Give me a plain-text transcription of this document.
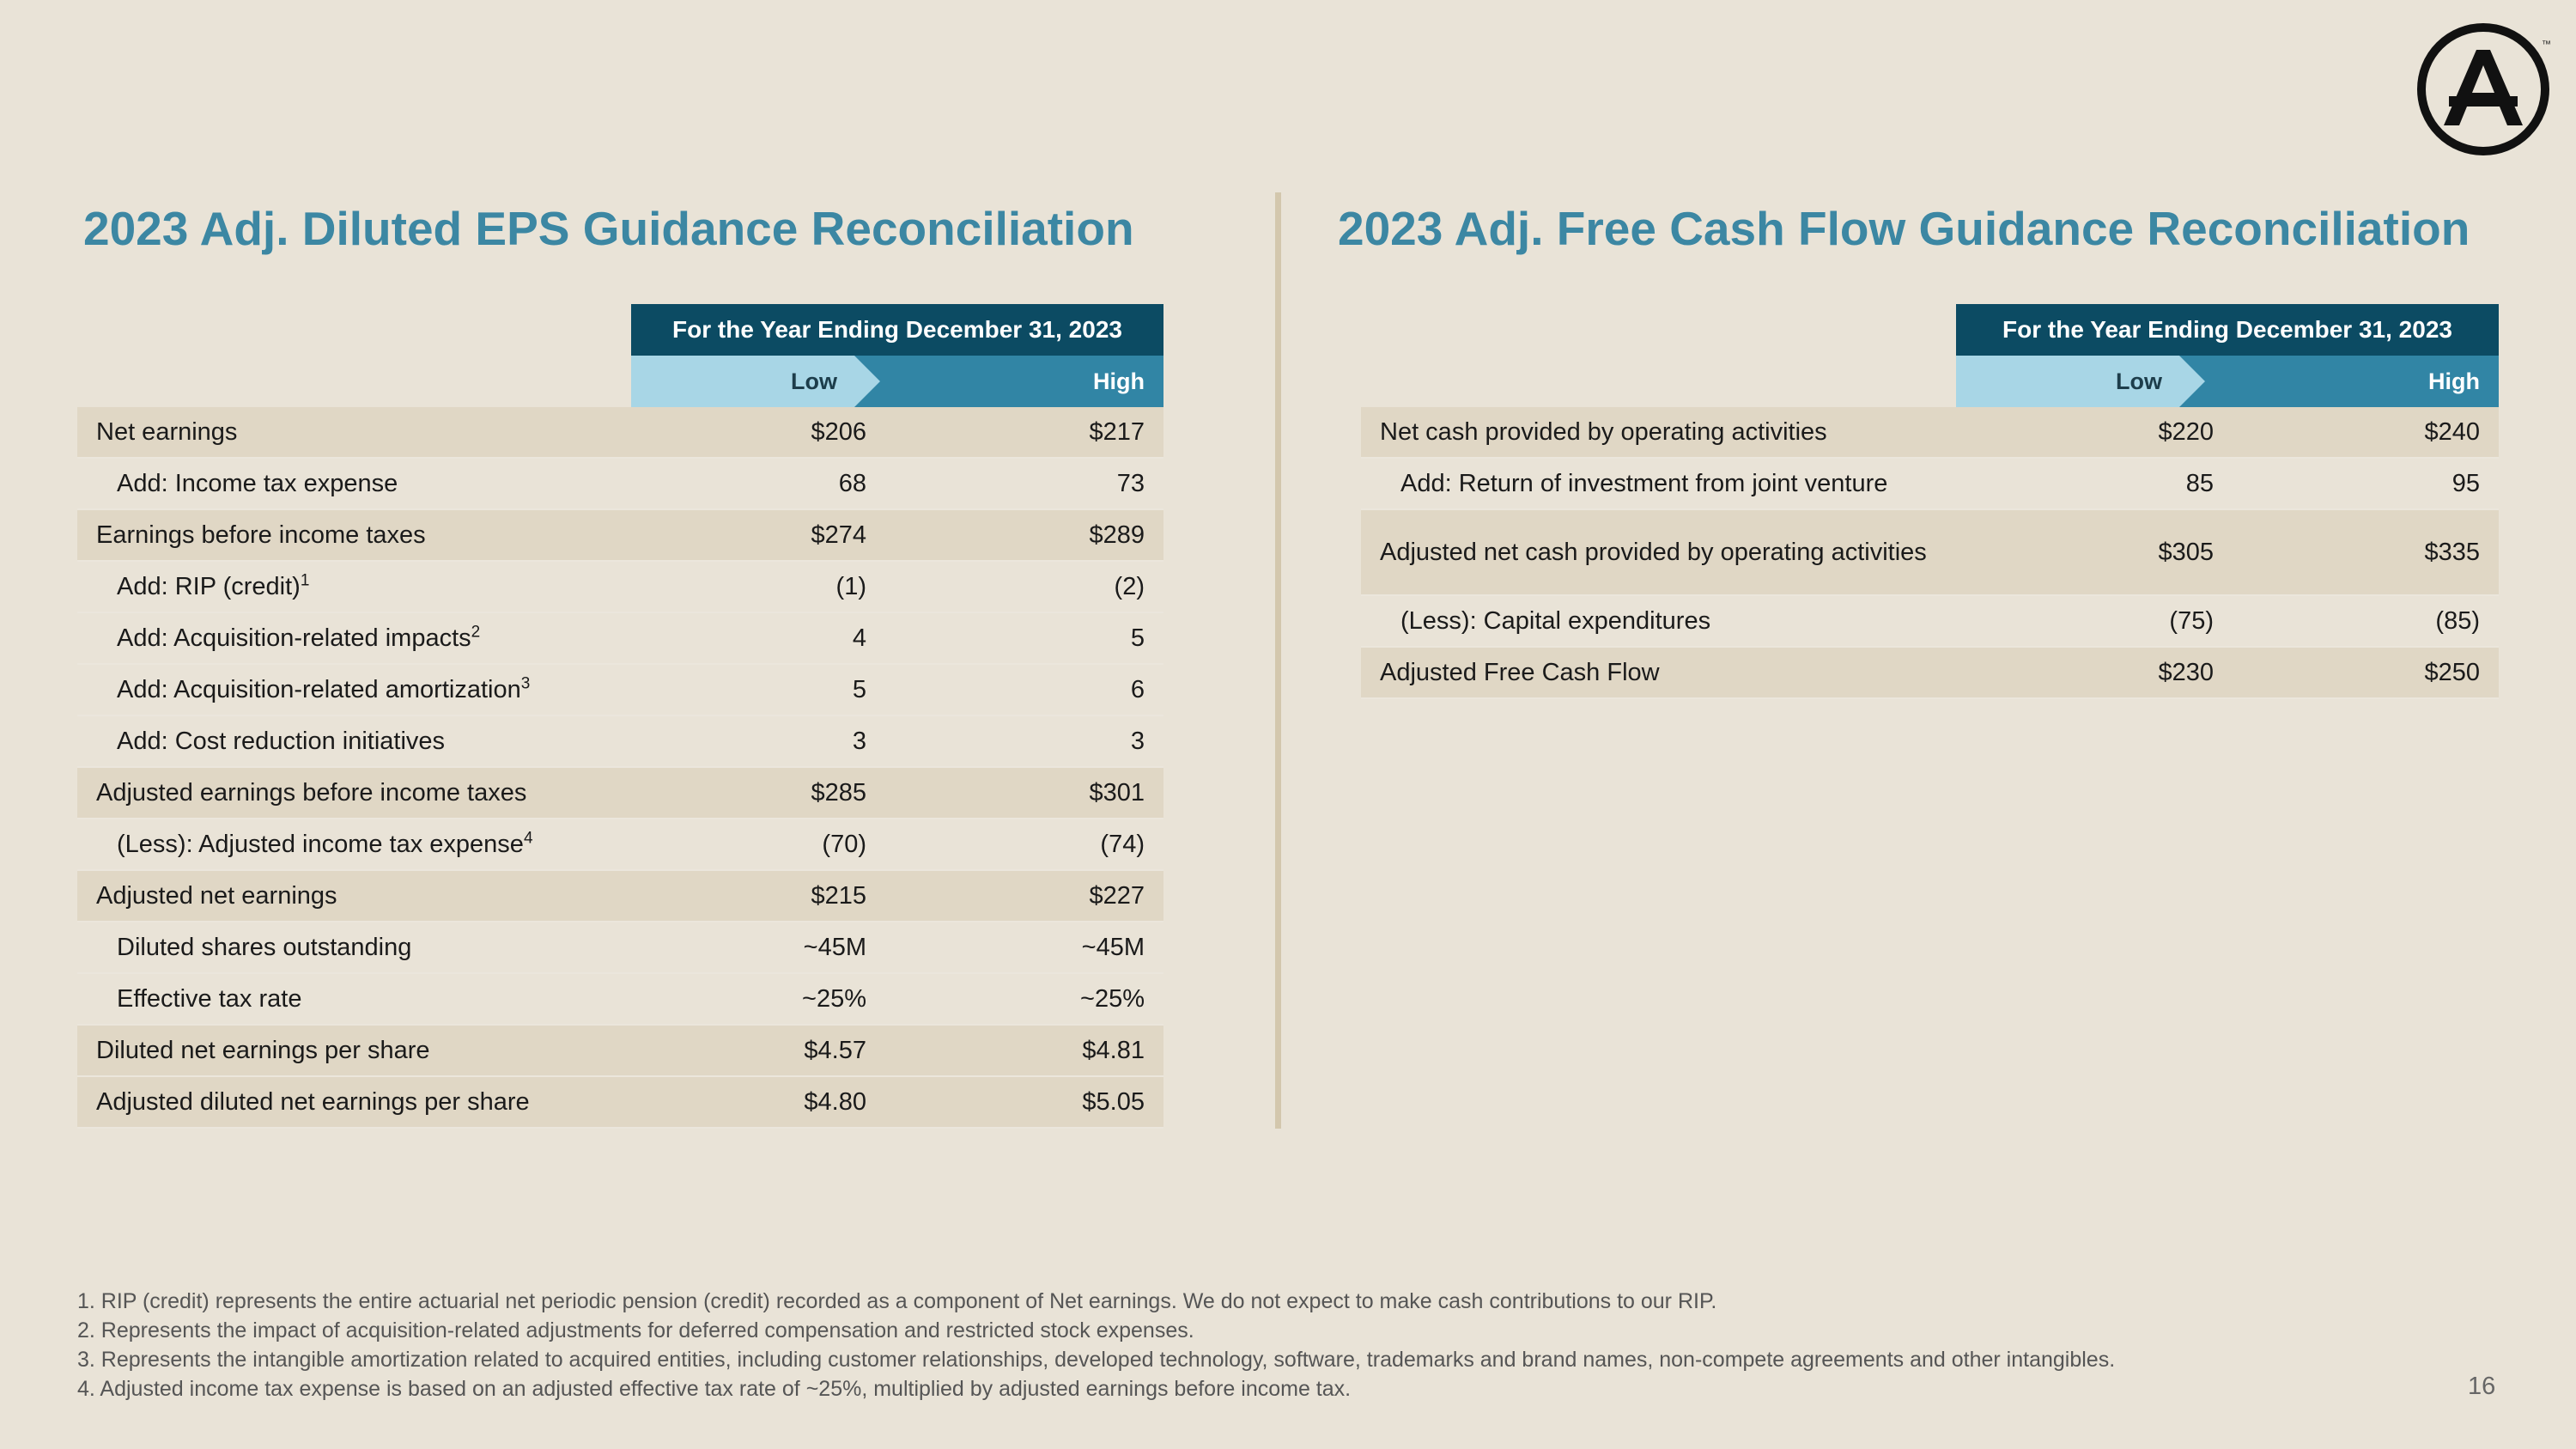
™
2023 Adj. Diluted EPS Guidance Reconciliation	2023 Adj. Free Cash Flow Guidance Reconciliation
For the Year Ending December 31, 2023
Low	High
Net earnings	$206	$217
Add: Income tax expense	68	73
Earnings before income taxes	$274	$289
Add: RIP (credit)$^1$	(1)	(2)
Add: Acquisition-related impacts$^2$	4	5
Add: Acquisition-related amortization$^3$	5	6
Add: Cost reduction initiatives	3	3
Adjusted earnings before income taxes	$285	$301
(Less): Adjusted income tax expense$^4$	(70)	(74)
Adjusted net earnings	$215	$227
Diluted shares outstanding	~45M	~45M
Effective tax rate	~25%	~25%
Diluted net earnings per share	$4.57	$4.81
Adjusted diluted net earnings per share	$4.80	$5.05
For the Year Ending December 31, 2023
Low	High
Net cash provided by operating activities	$220	$240
Add: Return of investment from joint venture	85	95
Adjusted net cash provided by operating activities	$305	$335
(Less): Capital expenditures	(75)	(85)
Adjusted Free Cash Flow	$230	$250
1. RIP (credit) represents the entire actuarial net periodic pension (credit) recorded as a component of Net earnings. We do not expect to make cash contributions to our RIP.
2. Represents the impact of acquisition-related adjustments for deferred compensation and restricted stock expenses.
3. Represents the intangible amortization related to acquired entities, including customer relationships, developed technology, software, trademarks and brand names, non-compete agreements and other intangibles.
4. Adjusted income tax expense is based on an adjusted effective tax rate of ~25%, multiplied by adjusted earnings before income tax.	16
